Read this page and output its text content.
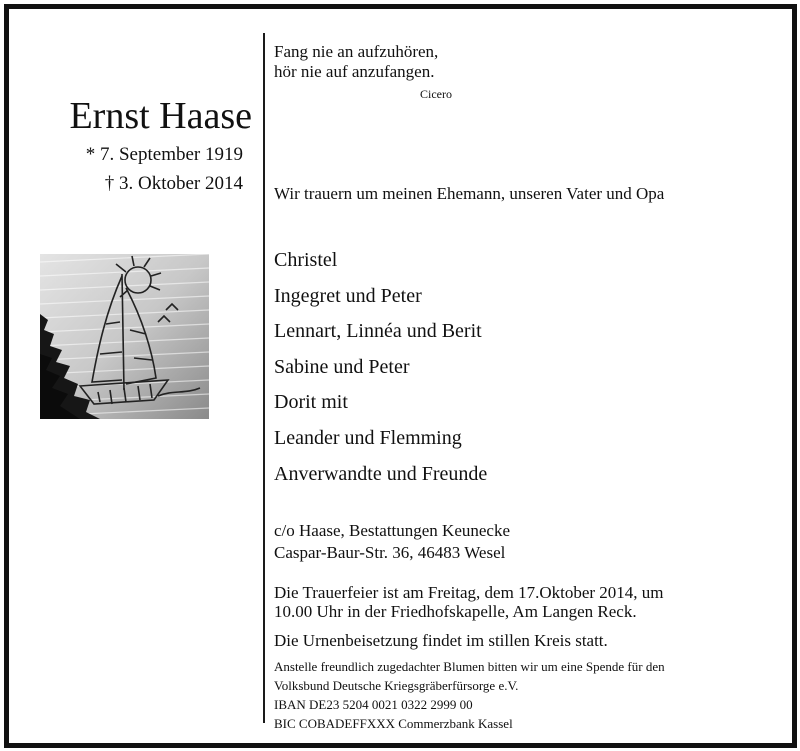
Ernst Haase
* 7. September 1919
† 3. Oktober 2014
Fang nie an aufzuhören,
hör nie auf anzufangen.
Cicero
Wir trauern um meinen Ehemann, unseren Vater und Opa
Christel
Ingegret und Peter
Lennart, Linnéa und Berit
Sabine und Peter
Dorit mit
Leander und Flemming
Anverwandte und Freunde
c/o Haase, Bestattungen Keunecke
Caspar-Baur-Str. 36, 46483 Wesel
Die Trauerfeier ist am Freitag, dem 17.Oktober 2014, um
10.00 Uhr in der Friedhofskapelle, Am Langen Reck.
Die Urnenbeisetzung findet im stillen Kreis statt.
Anstelle freundlich zugedachter Blumen bitten wir um eine Spende für den
Volksbund Deutsche Kriegsgräberfürsorge e.V.
IBAN DE23 5204 0021 0322 2999 00
BIC COBADEFFXXX Commerzbank Kassel
